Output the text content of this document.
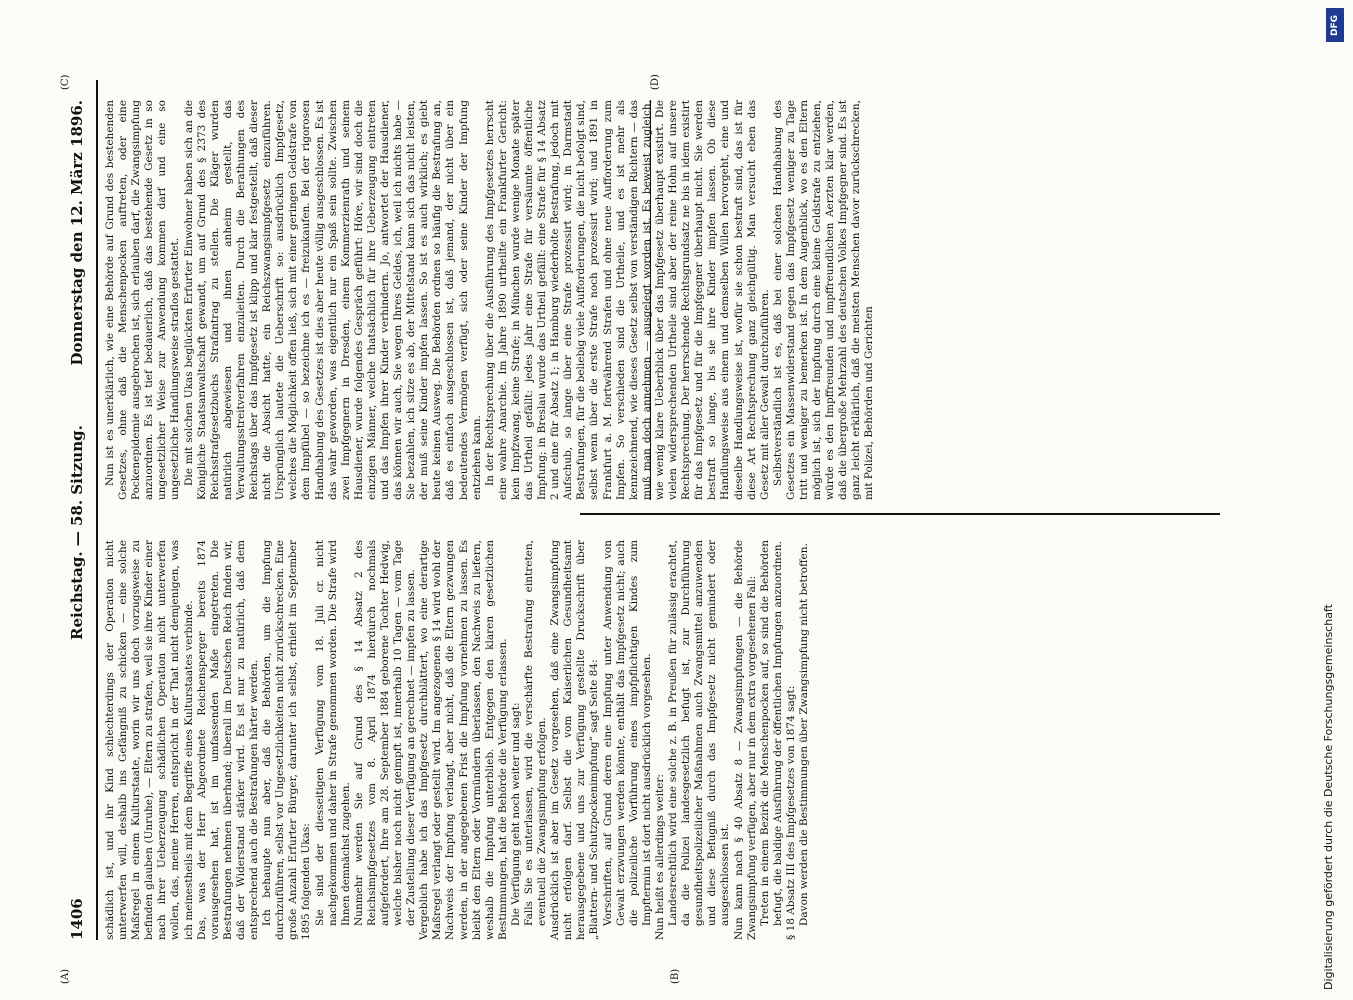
1406
Reichstag. — 58. Sitzung.
Donnerstag den 12. März 1896.
(A)	(B)
(C)	(D)

schädlich ist, und ihr Kind schlechterdings der Operation nicht unterwerfen will, deshalb ins Gefängniß zu schicken — eine solche Maßregel in einem Kulturstaate, worin wir uns doch vorzugsweise zu befinden glauben (Unruhe), — Eltern zu strafen, weil sie ihre Kinder einer nach ihrer Ueberzeugung schädlichen Operation nicht unterwerfen wollen, das, meine Herren, entspricht in der That nicht demjenigen, was ich meinestheils mit dem Begriffe eines Kulturstaates verbinde. Das, was der Herr Abgeordnete Reichensperger bereits 1874 vorausgesehen hat, ist im umfassenden Maße eingetreten. Die Bestrafungen nehmen überhand; überall im Deutschen Reich finden wir, daß der Widerstand stärker wird. Es ist nur zu natürlich, daß dem entsprechend auch die Bestrafungen härter werden. Ich behaupte nun aber, daß die Behörden, um die Impfung durchzuführen, selbst vor Ungesetzlichkeiten nicht zurückschrecken. Eine große Anzahl Erfurter Bürger, darunter ich selbst, erhielt im September 1895 folgenden Ukas: Sie sind der diesseitigen Verfügung vom 18. Juli cr. nicht nachgekommen und daher in Strafe genommen worden. Die Strafe wird Ihnen demnächst zugehen. Nunmehr werden Sie auf Grund des § 14 Absatz 2 des Reichsimpfgesetzes vom 8. April 1874 hierdurch nochmals aufgefordert, Ihre am 28. September 1884 geborene Tochter Hedwig, welche bisher noch nicht geimpft ist, innerhalb 10 Tagen — vom Tage der Zustellung dieser Verfügung an gerechnet — impfen zu lassen. Vergeblich habe ich das Impfgesetz durchblättert, wo eine derartige Maßregel verlangt oder gestellt wird. Im angezogenen § 14 wird wohl der Nachweis der Impfung verlangt, aber nicht, daß die Eltern gezwungen werden, in der angegebenen Frist die Impfung vornehmen zu lassen. Es bleibt den Eltern oder Vormündern überlassen, den Nachweis zu liefern, weshalb die Impfung unterblieb. Entgegen den klaren gesetzlichen Bestimmungen, hat die Behörde die Verfügung erlassen. Die Verfügung geht noch weiter und sagt: Falls Sie es unterlassen, wird die verschärfte Bestrafung eintreten, eventuell die Zwangsimpfung erfolgen. Ausdrücklich ist aber im Gesetz vorgesehen, daß eine Zwangsimpfung nicht erfolgen darf. Selbst die vom Kaiserlichen Gesundheitsamt herausgegebene und uns zur Verfügung gestellte Druckschrift über „Blattern- und Schutzpockenimpfung“ sagt Seite 84: Vorschriften, auf Grund deren eine Impfung unter Anwendung von Gewalt erzwungen werden könnte, enthält das Impfgesetz nicht; auch die polizeiliche Vorführung eines impfpflichtigen Kindes zum Impftermin ist dort nicht ausdrücklich vorgesehen. Nun heißt es allerdings weiter: Landesrechtlich wird eine solche z. B. in Preußen für zulässig erachtet, da die Polizei landesgesetzlich befugt ist, zur Durchführung gesundheitspolizeilicher Maßnahmen auch Zwangsmittel anzuwenden und diese Befugniß durch das Impfgesetz nicht gemindert oder ausgeschlossen ist. Nun kann nach § 40 Absatz 8 — Zwangsimpfungen — die Behörde Zwangsimpfung verfügen, aber nur in dem extra vorgesehenen Fall: Treten in einem Bezirk die Menschenpocken auf, so sind die Behörden befugt, die baldige Ausführung der öffentlichen Impfungen anzuordnen. § 18 Absatz III des Impfgesetzes von 1874 sagt: Davon werden die Bestimmungen über Zwangsimpfung nicht betroffen.

Nun ist es unerklärlich, wie eine Behörde auf Grund des bestehenden Gesetzes, ohne daß die Menschenpocken auftreten, oder eine Pockenepidemie ausgebrochen ist, sich erlauben darf, die Zwangsimpfung anzuordnen. Es ist tief bedauerlich, daß das bestehende Gesetz in so ungesetzlicher Weise zur Anwendung kommen darf und eine so ungesetzliche Handlungsweise straflos gestattet. Die mit solchen Ukas beglückten Erfurter Einwohner haben sich an die Königliche Staatsanwaltschaft gewandt, um auf Grund des § 2373 des Reichsstrafgesetzbuchs Strafantrag zu stellen. Die Kläger wurden natürlich abgewiesen und ihnen anheim gestellt, das Verwaltungsstreitverfahren einzuleiten. Durch die Berathungen des Reichstags über das Impfgesetz ist klipp und klar festgestellt, daß dieser nicht die Absicht hatte, ein Reichszwangsimpfgesetz einzuführen. Ursprünglich lautete die Ueberschrift so: ausdrücklich Impfgesetz, welches die Möglichkeit offen ließ, sich mit einer geringen Geldstrafe von dem Impfübel — so bezeichne ich es — freizukaufen. Bei der rigorosen Handhabung des Gesetzes ist dies aber heute völlig ausgeschlossen. Es ist das wahr geworden, was eigentlich nur ein Spaß sein sollte. Zwischen zwei Impfgegnern in Dresden, einem Kommerzienrath und seinem Hausdiener, wurde folgendes Gespräch geführt: Höre, wir sind doch die einzigen Männer, welche thatsächlich für ihre Ueberzeugung eintreten und das Impfen ihrer Kinder verhindern. Jo, antwortet der Hausdiener, das können wir auch, Sie wegen Ihres Geldes, ich, weil ich nichts habe — Sie bezahlen, ich sitze es ab, der Mittelstand kann sich das nicht leisten, der muß seine Kinder impfen lassen. So ist es auch wirklich; es giebt heute keinen Ausweg. Die Behörden ordnen so häufig die Bestrafung an, daß es einfach ausgeschlossen ist, daß jemand, der nicht über ein bedeutendes Vermögen verfügt, sich oder seine Kinder der Impfung entziehen kann. In der Rechtsprechung über die Ausführung des Impfgesetzes herrscht eine wahre Anarchie. Im Jahre 1890 urtheilte ein Frankfurter Gericht: kein Impfzwang, keine Strafe; in München wurde wenige Monate später das Urtheil gefällt: jedes Jahr eine Strafe für versäumte öffentliche Impfung; in Breslau wurde das Urtheil gefällt: eine Strafe für § 14 Absatz 2 und eine für Absatz 1; in Hamburg wiederholte Bestrafung, jedoch mit Aufschub, so lange über eine Strafe prozessirt wird; in Darmstadt Bestrafungen, für die beliebig viele Aufforderungen, die nicht befolgt sind, selbst wenn über die erste Strafe noch prozessirt wird; und 1891 in Frankfurt a. M. fortwährend Strafen und ohne neue Aufforderung zum Impfen. So verschieden sind die Urtheile, und es ist mehr als kennzeichnend, wie dieses Gesetz selbst von verständigen Richtern — das muß man doch annehmen — ausgelegt worden ist. Es beweist zugleich, wie wenig klare Ueberblick über das Impfgesetz überhaupt existirt. Die vielen widersprechenden Urtheile sind aber der reine Hohn auf unsere Rechtsprechung. Der herrschende Rechtsgrundsatz ne bis in idem existirt für das Impfgesetz und für die Impfgegner überhaupt nicht. Sie werden bestraft so lange, bis sie ihre Kinder impfen lassen. Ob diese Handlungsweise aus einem und demselben Willen hervorgeht, eine und dieselbe Handlungsweise ist, wofür sie schon bestraft sind, das ist für diese Art Rechtsprechung ganz gleichgültig. Man versucht eben das Gesetz mit aller Gewalt durchzuführen. Selbstverständlich ist es, daß bei einer solchen Handhabung des Gesetzes ein Massenwiderstand gegen das Impfgesetz weniger zu Tage tritt und weniger zu bemerken ist. In dem Augenblick, wo es den Eltern möglich ist, sich der Impfung durch eine kleine Geldstrafe zu entziehen, würde es den Impffreunden und impffreundlichen Aerzten klar werden, daß die übergroße Mehrzahl des deutschen Volkes Impfgegner sind. Es ist ganz leicht erklärlich, daß die meisten Menschen davor zurückschrecken, mit Polizei, Behörden und Gerichten

DFG
Digitalisierung gefördert durch die Deutsche Forschungsgemeinschaft
